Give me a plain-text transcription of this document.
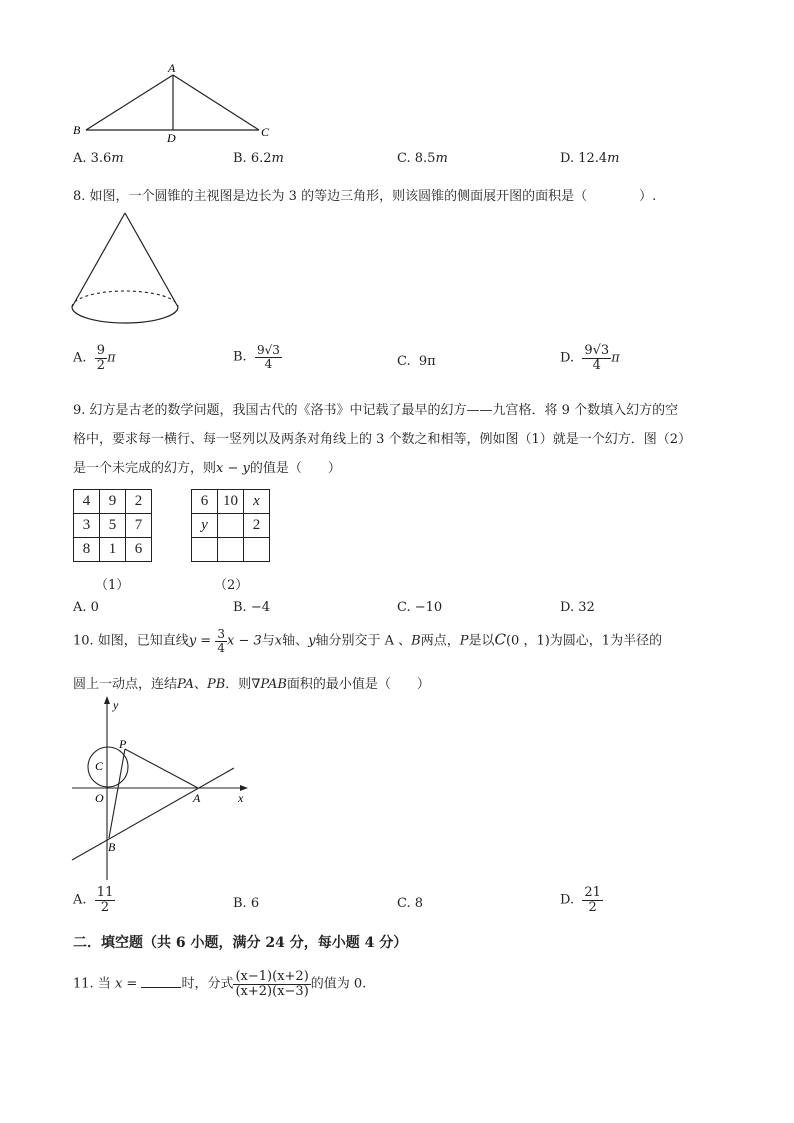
A
B	C
D
A. 3.6m	B. 6.2m	C. 8.5m	D. 12.4m
8. 如图，一个圆锥的主视图是边长为 3 的等边三角形，则该圆锥的侧面展开图的面积是（　　　　）.
A. $\frac{9}{2}$ π	B. $\frac{9√3}{4}$	C. 9π	D. $\frac{9√3}{4}$ π
9. 幻方是古老的数学问题，我国古代的《洛书》中记载了最早的幻方——九宫格．将 9 个数填入幻方的空
格中，要求每一横行、每一竖列以及两条对角线上的 3 个数之和相等，例如图（1）就是一个幻方．图（2）
是一个未完成的幻方，则x − y的值是（　　）
4	9	2
3	5	7
8	1	6
6	10	x
y		2

（1）	（2）
A. 0	B. −4	C. −10	D. 32
10. 如图，已知直线$y = \frac{3}{4}$ x − 3与x轴、y轴分别交于 A 、B两点，P是以C(0 ，1)为圆心，1为半径的
圆上一动点，连结PA、PB．则∇PAB面积的最小值是（　　）
y
x
P
C
O	A
B
A. $\frac{11}{2}$	B. 6	C. 8	D. $\frac{21}{2}$
二．填空题（共 6 小题，满分 24 分，每小题 4 分）
11. 当 x =	时，分式 $\frac{(x-1)(x+2)}{(x+2)(x-3)}$ 的值为 0.
